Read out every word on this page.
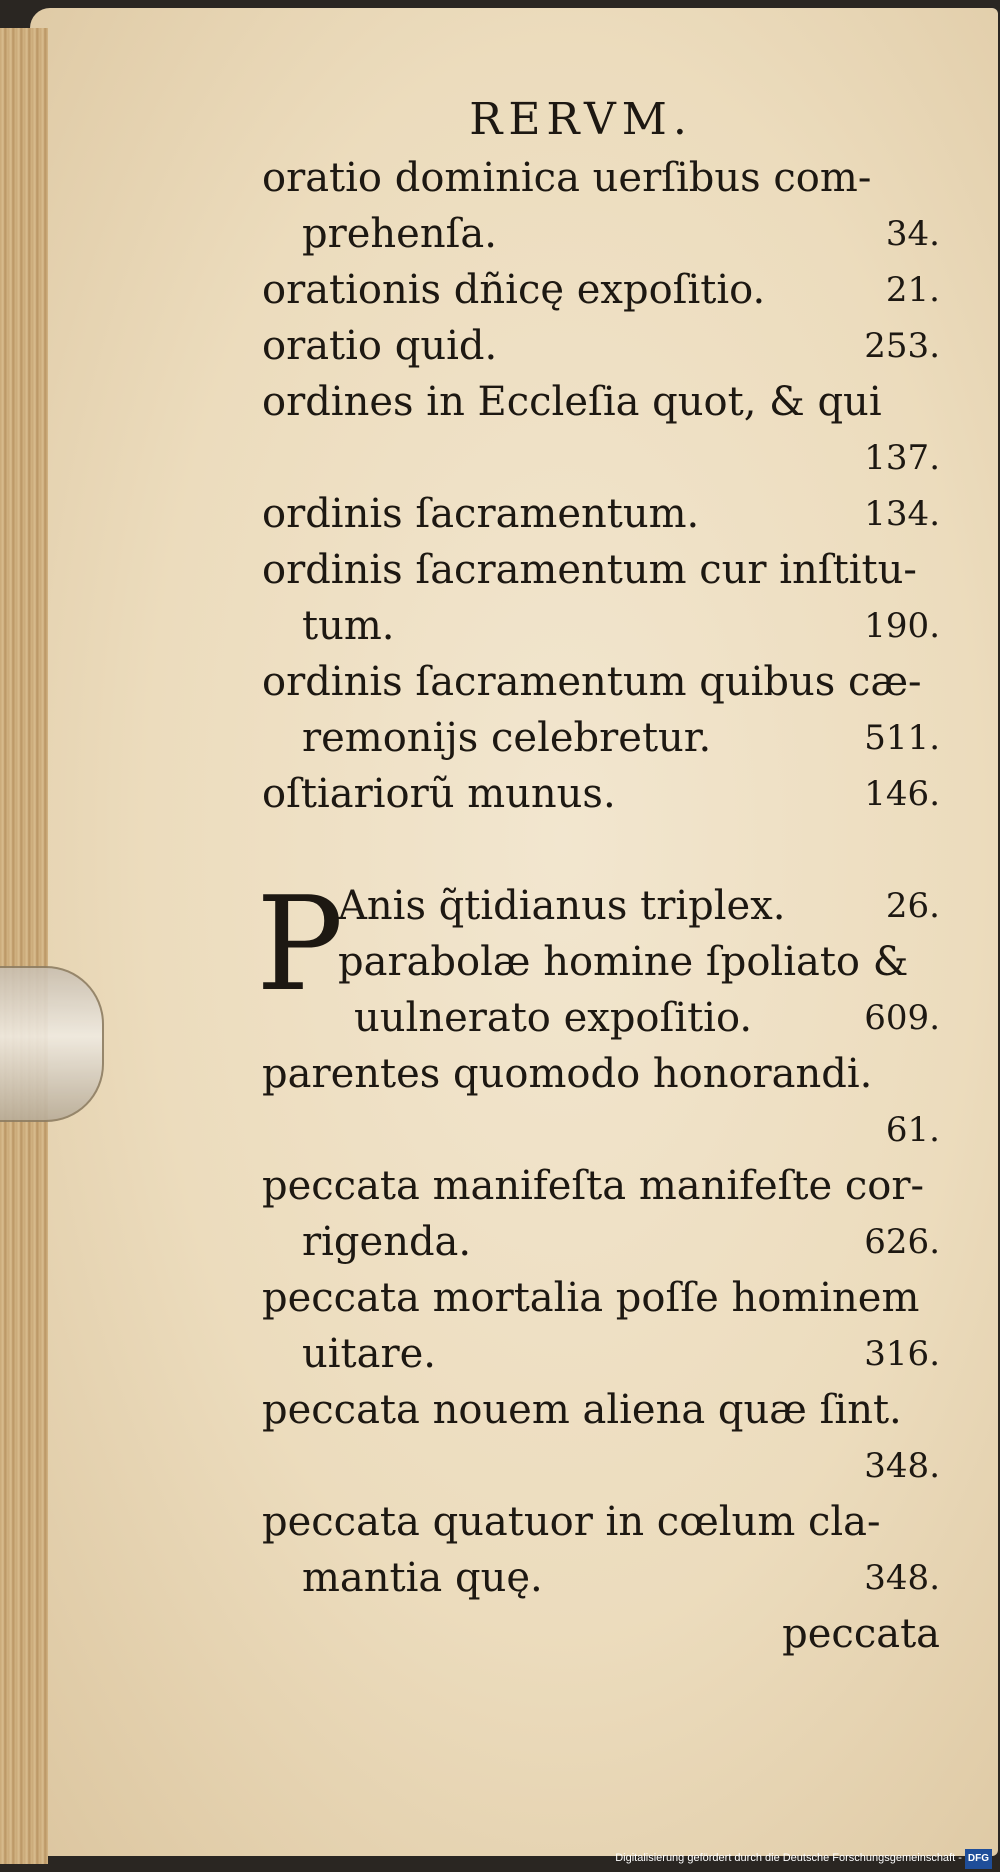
RERVM.
oratio dominica uerſibus com-
prehenſa.	34.
orationis dñicę expoſitio.	21.
oratio quid.	253.
ordines in Eccleſia quot, & qui
137.
ordinis ſacramentum.	134.
ordinis ſacramentum cur inſtitu-
tum.	190.
ordinis ſacramentum quibus cæ-
remonijs celebretur.	511.
oſtiariorũ munus.	146.
P
Anis q̃tidianus triplex.	26.
parabolæ homine ſpoliato &
uulnerato expoſitio.	609.
parentes quomodo honorandi.
61.
peccata manifeſta manifeſte cor-
rigenda.	626.
peccata mortalia poſſe hominem
uitare.	316.
peccata nouem aliena quæ ſint.
348.
peccata quatuor in cœlum cla-
mantia quę.	348.
peccata
Digitalisierung gefördert durch die Deutsche Forschungsgemeinschaft - DFG
